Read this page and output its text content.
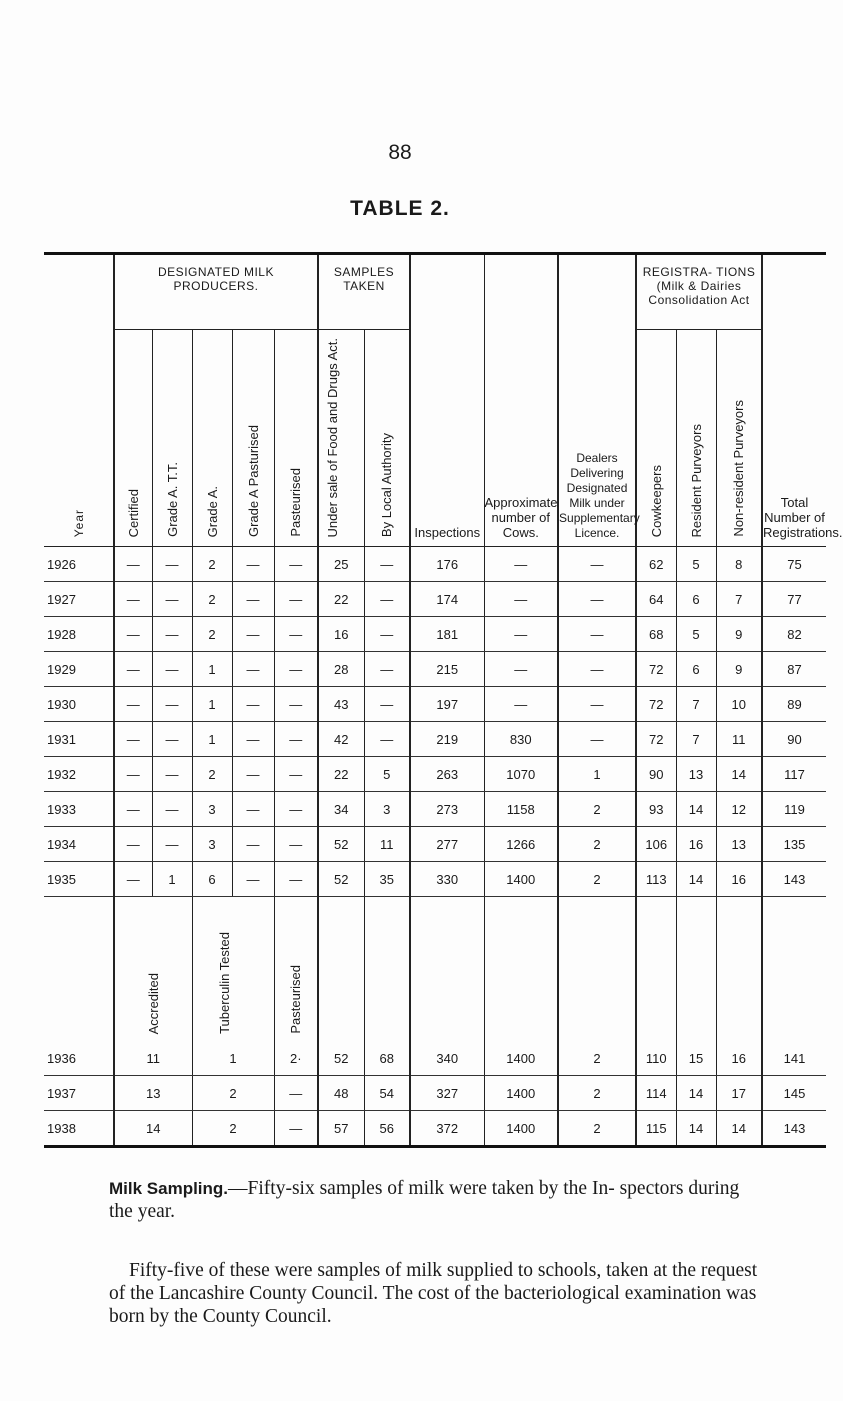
88
TABLE 2.
Year	DESIGNATED MILK PRODUCERS.					SAMPLES TAKEN		Inspections	Approximate number of Cows.	Dealers Delivering Designated Milk under Supplementary Licence.	REGISTRA- TIONS (Milk & Dairies Consolidation Act			Total Number of Registrations.
	Certified	Grade A. T.T.	Grade A.	Grade A Pasturised	Pasteurised	Under sale of Food and Drugs Act.	By Local Authority				Cowkeepers	Resident Purveyors	Non-resident Purveyors	
1926	—	—	2	—	—	25	—	176	—	—	62	5	8	75
1927	—	—	2	—	—	22	—	174	—	—	64	6	7	77
1928	—	—	2	—	—	16	—	181	—	—	68	5	9	82
1929	—	—	1	—	—	28	—	215	—	—	72	6	9	87
1930	—	—	1	—	—	43	—	197	—	—	72	7	10	89
1931	—	—	1	—	—	42	—	219	830	—	72	7	11	90
1932	—	—	2	—	—	22	5	263	1070	1	90	13	14	117
1933	—	—	3	—	—	34	3	273	1158	2	93	14	12	119
1934	—	—	3	—	—	52	11	277	1266	2	106	16	13	135
1935	—	1	6	—	—	52	35	330	1400	2	113	14	16	143
	Accredited		Tuberculin Tested		Pasteurised									
1936	11		1		2·	52	68	340	1400	2	110	15	16	141
1937	13		2		—	48	54	327	1400	2	114	14	17	145
1938	14		2		—	57	56	372	1400	2	115	14	14	143

Milk Sampling.—Fifty-six samples of milk were taken by the In- spectors during the year.

Fifty-five of these were samples of milk supplied to schools, taken at the request of the Lancashire County Council. The cost of the bacteriological examination was born by the County Council.
